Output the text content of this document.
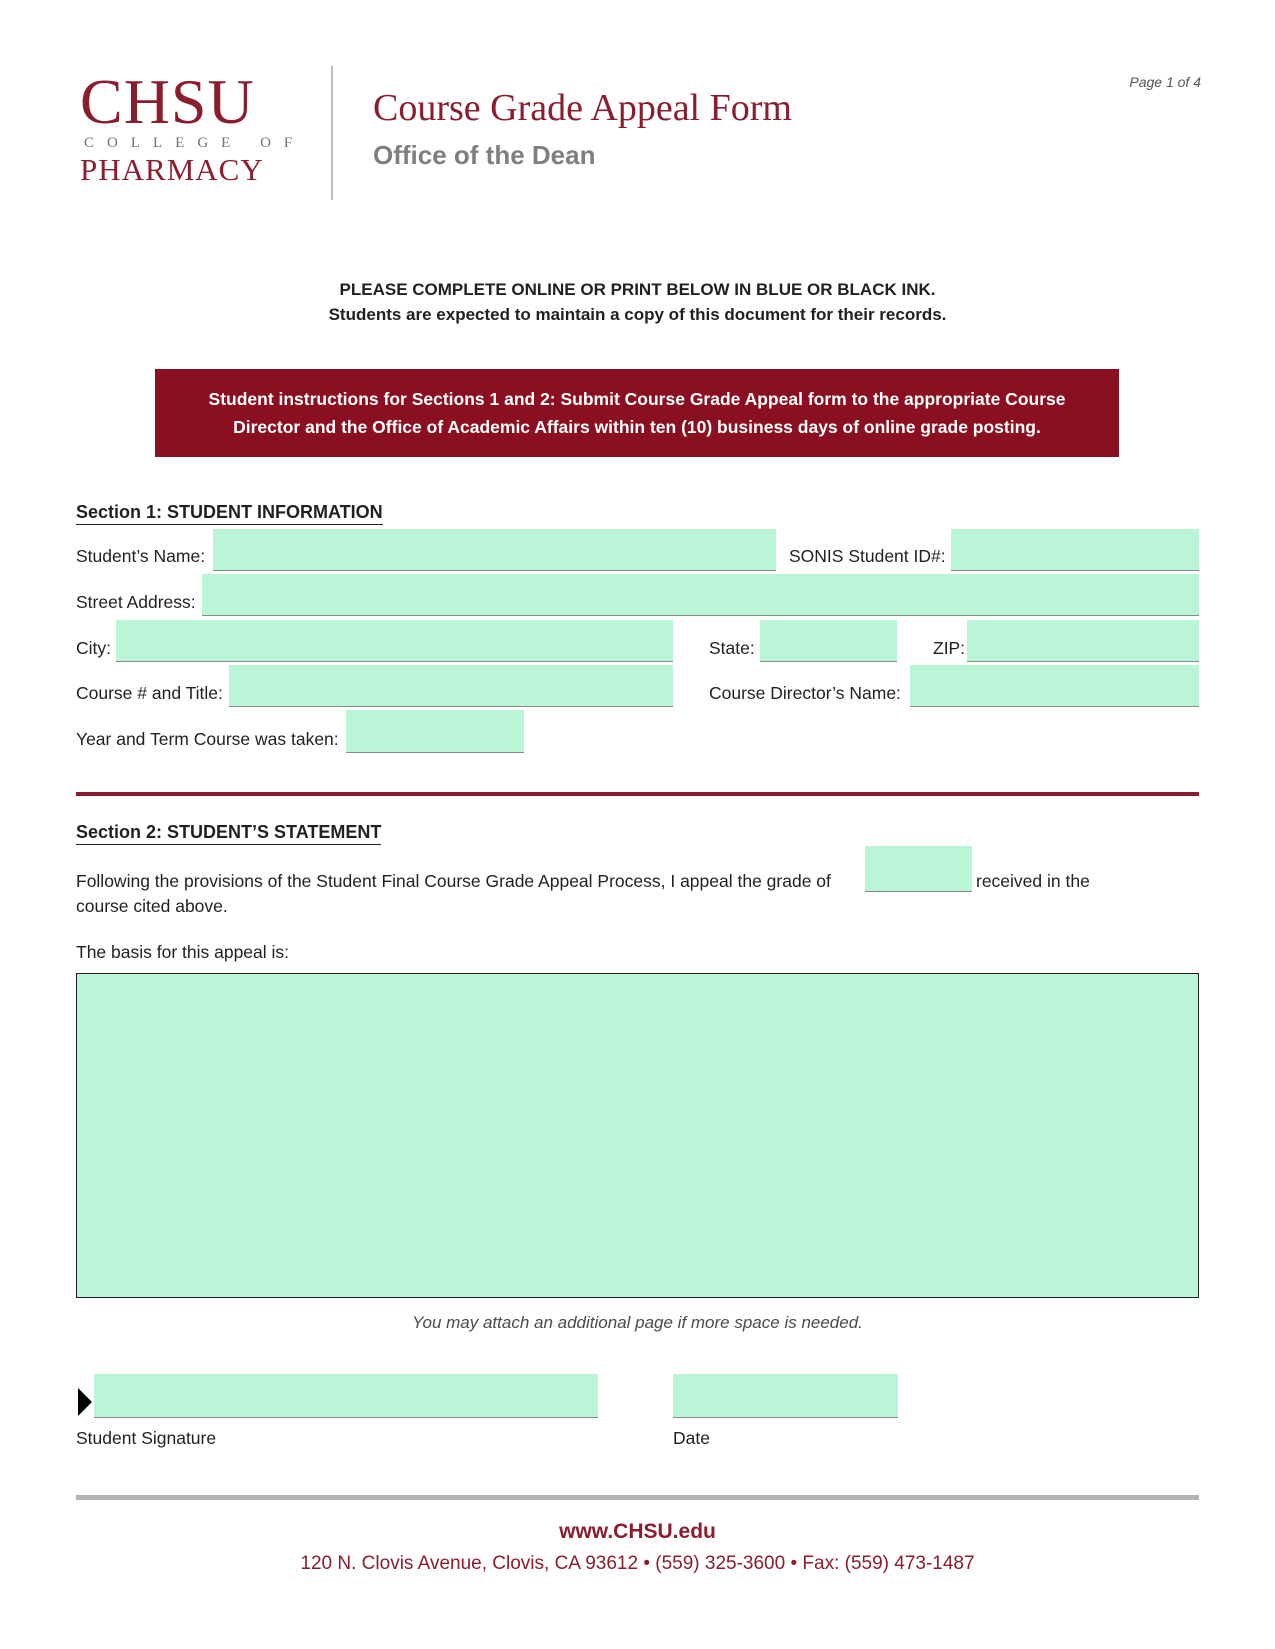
CHSU
COLLEGE OF
PHARMACY
Course Grade Appeal Form
Office of the Dean
Page 1 of 4
PLEASE COMPLETE ONLINE OR PRINT BELOW IN BLUE OR BLACK INK.
Students are expected to maintain a copy of this document for their records.
Student instructions for Sections 1 and 2: Submit Course Grade Appeal form to the appropriate Course
Director and the Office of Academic Affairs within ten (10) business days of online grade posting.
Section 1: STUDENT INFORMATION
Student’s Name:	SONIS Student ID#:
Street Address:
City:	State:	ZIP:
Course # and Title:	Course Director’s Name:
Year and Term Course was taken:
Section 2: STUDENT’S STATEMENT
Following the provisions of the Student Final Course Grade Appeal Process, I appeal the grade of	received in the
course cited above.
The basis for this appeal is:
You may attach an additional page if more space is needed.
Student Signature	Date
www.CHSU.edu
120 N. Clovis Avenue, Clovis, CA 93612 • (559) 325-3600 • Fax: (559) 473-1487
